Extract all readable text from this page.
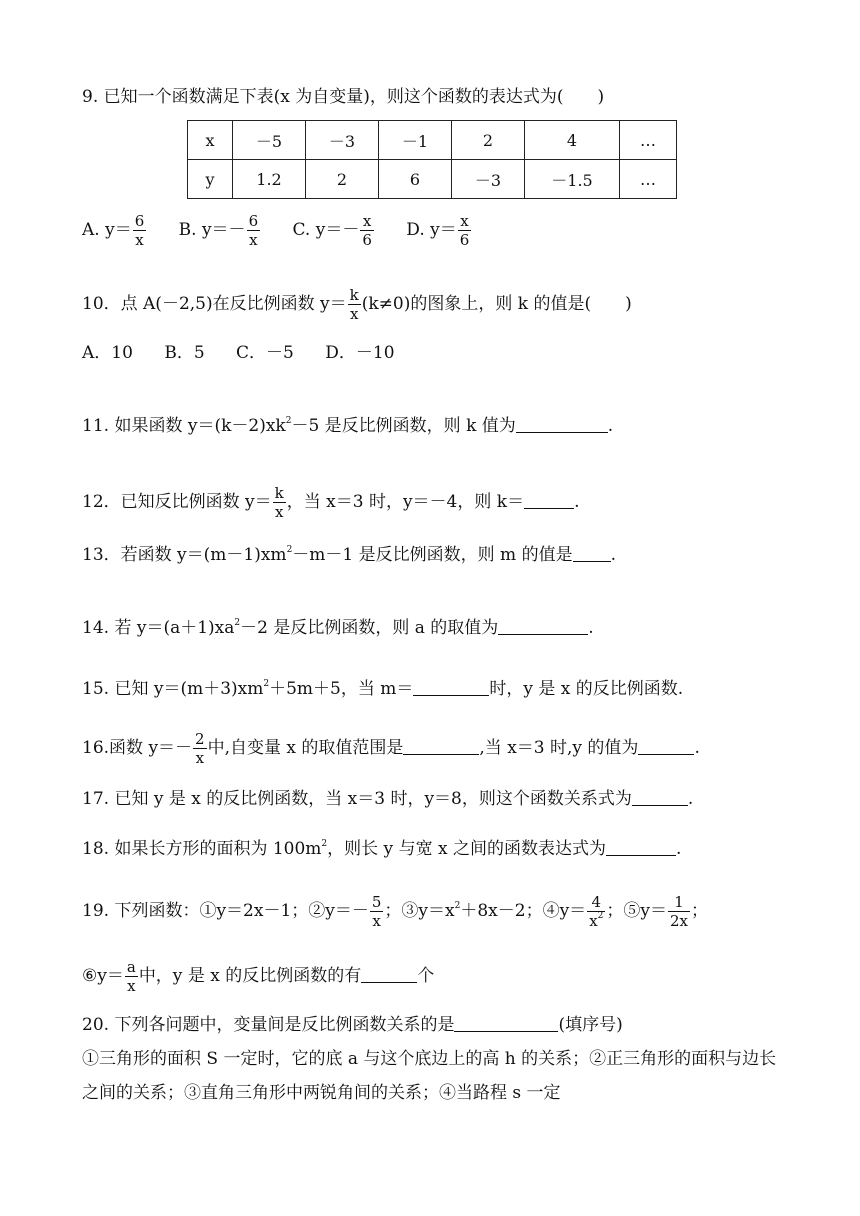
9. 已知一个函数满足下表(x 为自变量)，则这个函数的表达式为(　　)
x	－5	－3	－1	2	4	…
y	1.2	2	6	－3	－1.5	…
A. $y= \frac{6}{x} B$. $y=- \frac{6}{x} C$. $y=- \frac{x}{6} D$. $y= \frac{x}{6}$
10．点 A(－2,5)在反比例函数 $y= \frac{k}{x} (k\ne 0)$的图象上，则 k 的值是(　　)
A．10 B．5 C．－5 D．－10
11. 如果函数 $y=(k-2)xk^2-5$ 是反比例函数，则 k 值为	.
12．已知反比例函数 $y= \frac{k}{x}$ ，当 x＝3 时，y＝－4，则 k＝	.
13．若函数 $y=(m-1)xm^2-m-1$ 是反比例函数，则 m 的值是 .
14. 若 $y=(a+1)xa^2-2$ 是反比例函数，则 a 的取值为	.
15. 已知 $y=(m+3)xm^2+5m+5$，当 m＝	时，y 是 x 的反比例函数.
16.函数 $y=- \frac{2}{x}$ 中,自变量 x 的取值范围是	,当 x＝3 时,y 的值为	.
17. 已知 y 是 x 的反比例函数，当 x＝3 时，y＝8，则这个函数关系式为	.
18. 如果长方形的面积为 $100m^2$，则长 y 与宽 x 之间的函数表达式为	.
19. 下列函数：①y＝2x－1；②y＝－ $\frac{5}{x}$ ；$③y=x^2+8x-2$；④y＝ $\frac{4}{x^2}$ ；⑤y＝ $\frac{1}{2x}$ ；
⑥y＝ $\frac{a}{x}$ 中，y 是 x 的反比例函数的有	个
20. 下列各问题中，变量间是反比例函数关系的是	(填序号)
①三角形的面积 S 一定时，它的底 a 与这个底边上的高 h 的关系；②正三角形的面积与边长之间的关系；③直角三角形中两锐角间的关系；④当路程 s 一定
